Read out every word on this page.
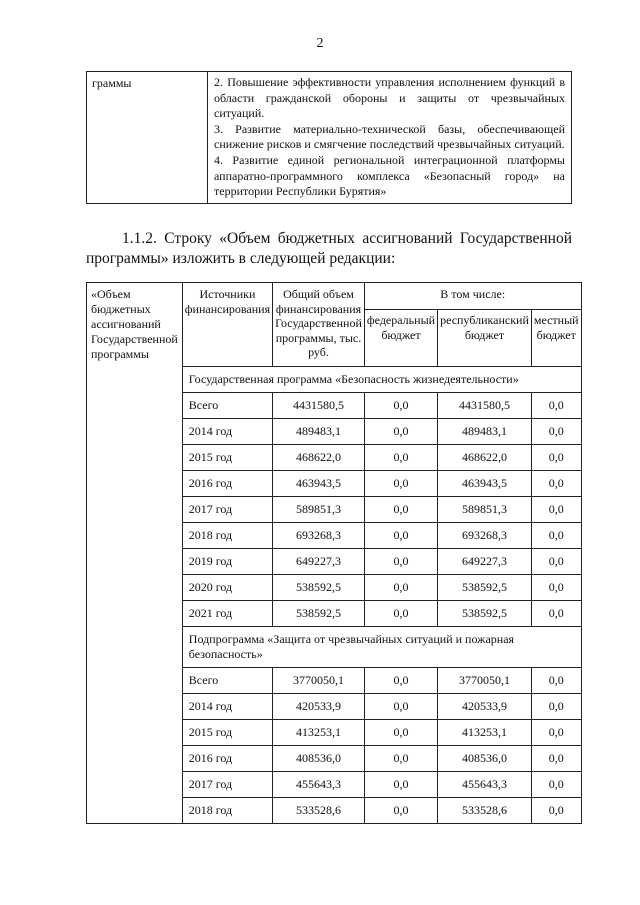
2
граммы	2. Повышение эффективности управления исполнением функций в области гражданской обороны и защиты от чрезвычайных ситуаций.
3. Развитие материально-технической базы, обеспечивающей снижение рисков и смягчение последствий чрезвычайных ситуаций.
4. Развитие единой региональной интеграционной платформы аппаратно-программного комплекса «Безопасный город» на территории Республики Бурятия»
1.1.2. Строку «Объем бюджетных ассигнований Государственной программы» изложить в следующей редакции:
«Объем бюджетных ассигнований Государственной программы	Источники финансирования	Общий объем финансирования Государственной программы, тыс. руб.	В том числе:		
			федеральный бюджет	республиканский бюджет	местный бюджет
	Государственная программа «Безопасность жизнедеятельности»				
	Всего	4431580,5	0,0	4431580,5	0,0
	2014 год	489483,1	0,0	489483,1	0,0
	2015 год	468622,0	0,0	468622,0	0,0
	2016 год	463943,5	0,0	463943,5	0,0
	2017 год	589851,3	0,0	589851,3	0,0
	2018 год	693268,3	0,0	693268,3	0,0
	2019 год	649227,3	0,0	649227,3	0,0
	2020 год	538592,5	0,0	538592,5	0,0
	2021 год	538592,5	0,0	538592,5	0,0
	Подпрограмма «Защита от чрезвычайных ситуаций и пожарная безопасность»				
	Всего	3770050,1	0,0	3770050,1	0,0
	2014 год	420533,9	0,0	420533,9	0,0
	2015 год	413253,1	0,0	413253,1	0,0
	2016 год	408536,0	0,0	408536,0	0,0
	2017 год	455643,3	0,0	455643,3	0,0
	2018 год	533528,6	0,0	533528,6	0,0
